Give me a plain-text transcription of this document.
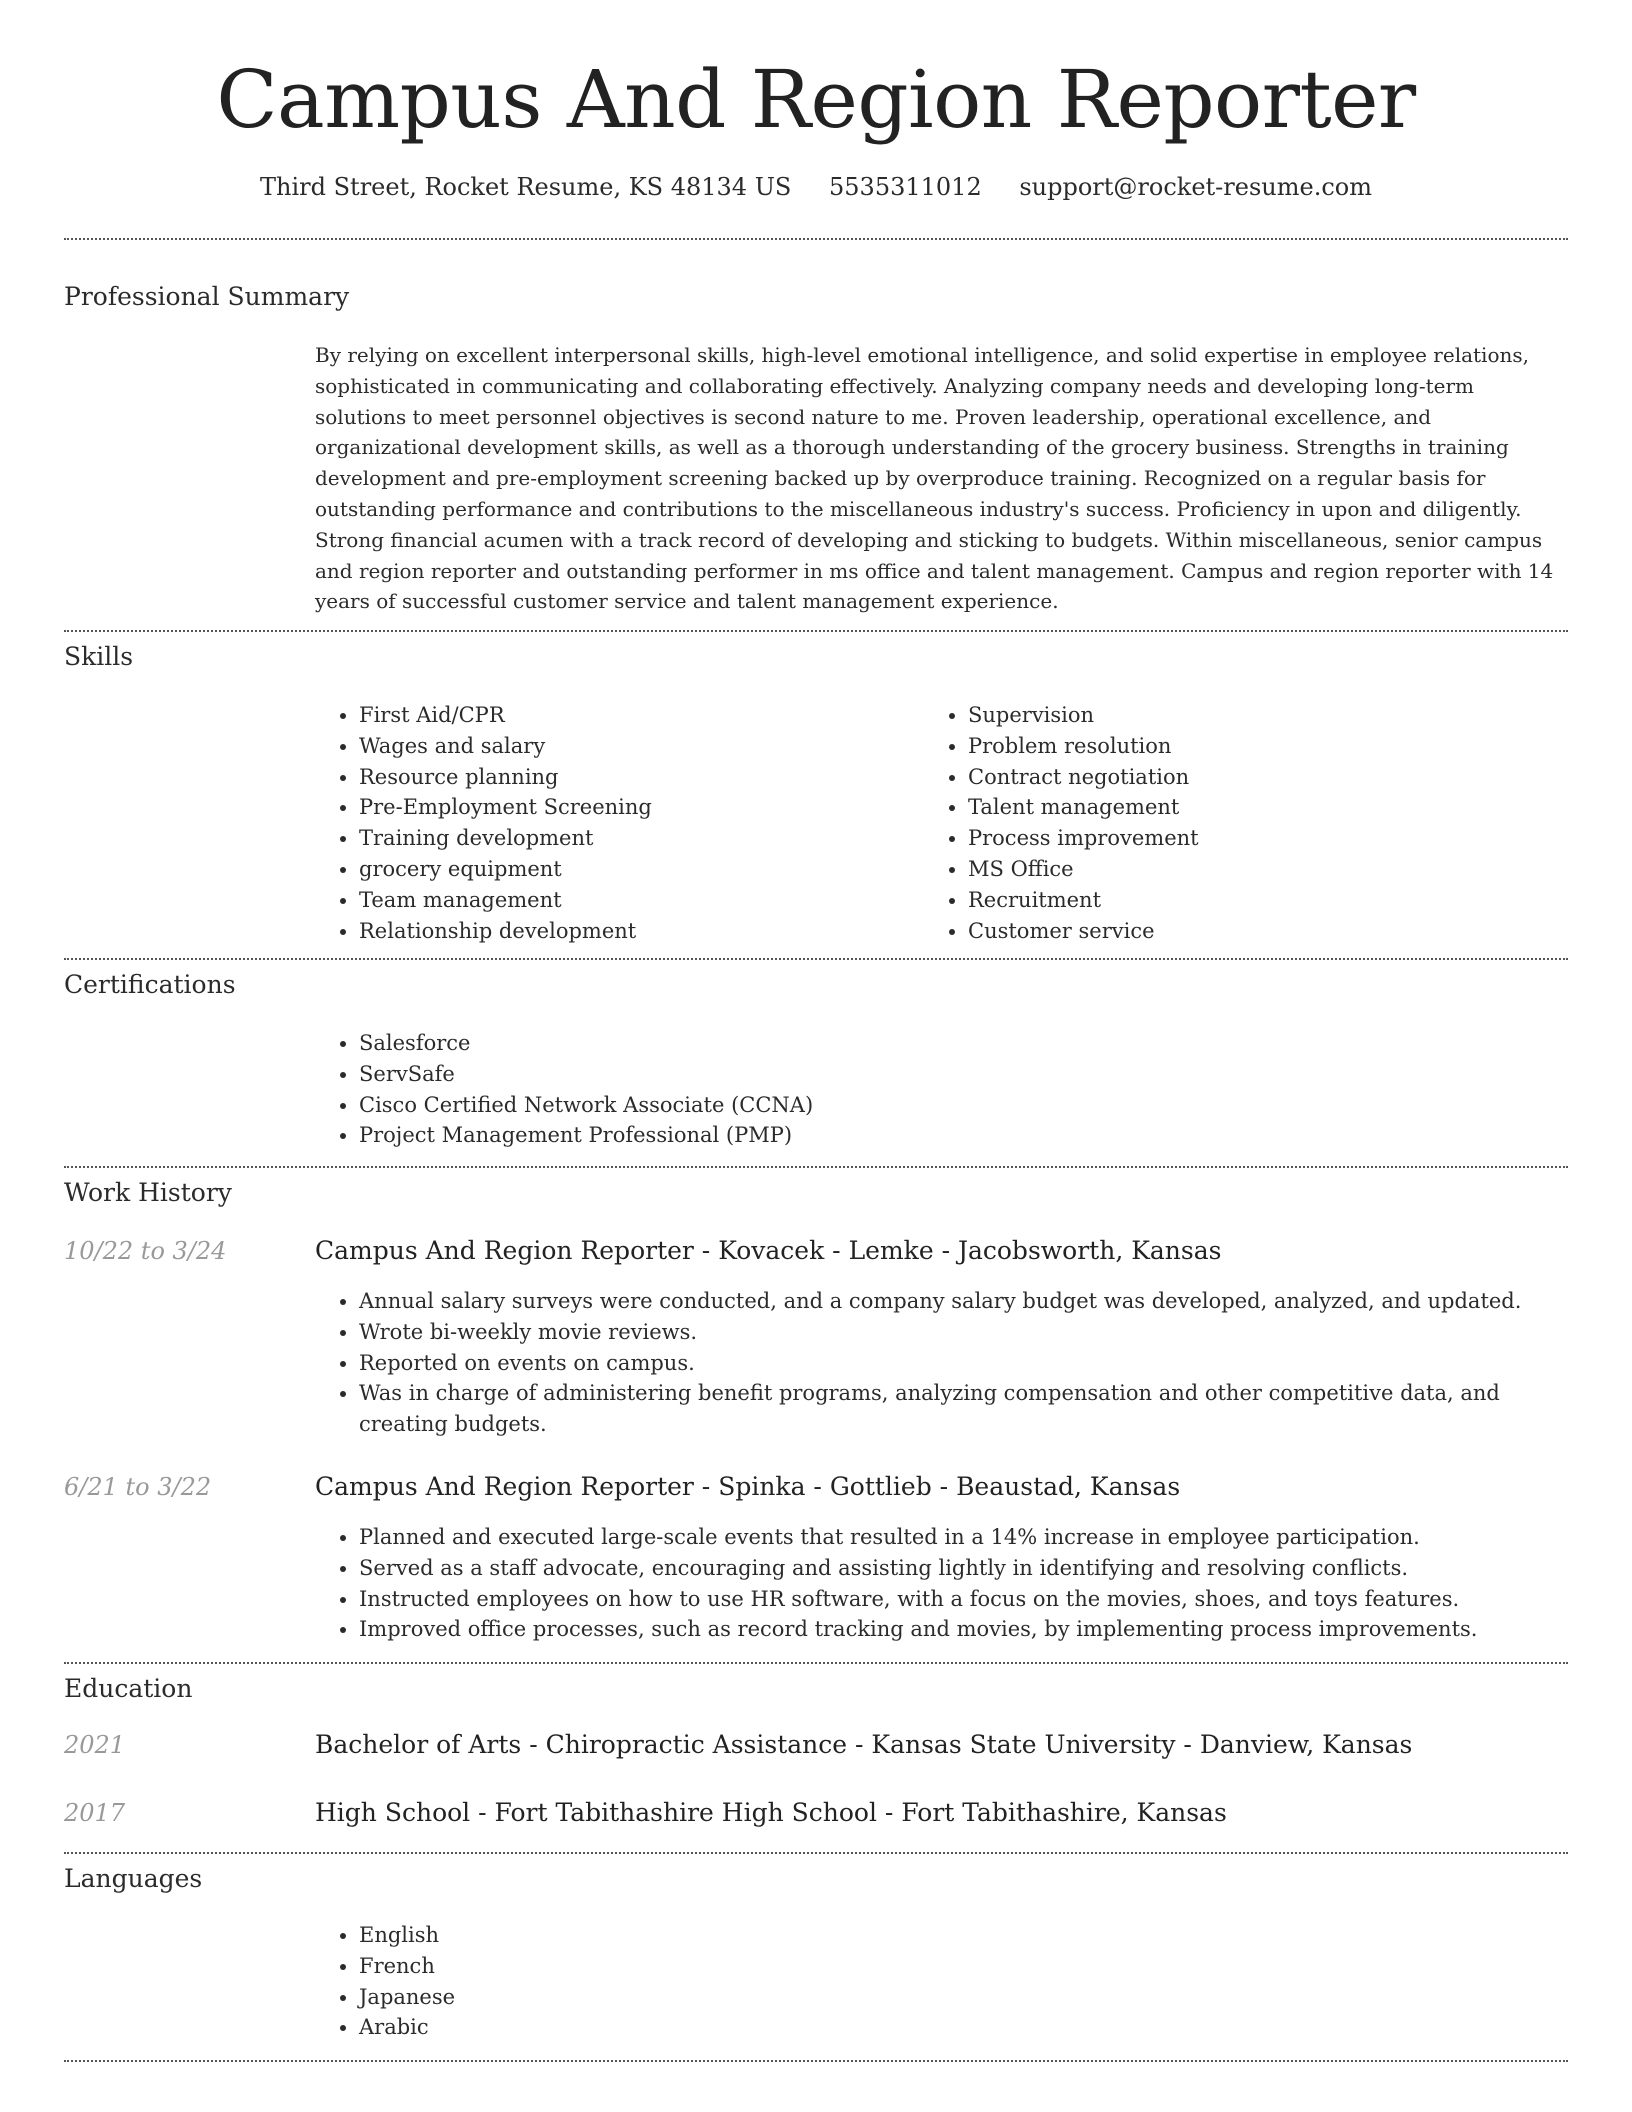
Campus And Region Reporter
Third Street, Rocket Resume, KS 48134 US 5535311012 support@rocket-resume.com
Professional Summary
By relying on excellent interpersonal skills, high-level emotional intelligence, and solid expertise in employee relations, sophisticated in communicating and collaborating effectively. Analyzing company needs and developing long-term solutions to meet personnel objectives is second nature to me. Proven leadership, operational excellence, and organizational development skills, as well as a thorough understanding of the grocery business. Strengths in training development and pre-employment screening backed up by overproduce training. Recognized on a regular basis for outstanding performance and contributions to the miscellaneous industry's success. Proficiency in upon and diligently. Strong financial acumen with a track record of developing and sticking to budgets. Within miscellaneous, senior campus and region reporter and outstanding performer in ms office and talent management. Campus and region reporter with 14 years of successful customer service and talent management experience.
Skills
• First Aid/CPR
• Wages and salary
• Resource planning
• Pre-Employment Screening
• Training development
• grocery equipment
• Team management
• Relationship development
• Supervision
• Problem resolution
• Contract negotiation
• Talent management
• Process improvement
• MS Office
• Recruitment
• Customer service
Certifications
• Salesforce
• ServSafe
• Cisco Certified Network Associate (CCNA)
• Project Management Professional (PMP)
Work History
10/22 to 3/24	Campus And Region Reporter - Kovacek - Lemke - Jacobsworth, Kansas
• Annual salary surveys were conducted, and a company salary budget was developed, analyzed, and updated.
• Wrote bi-weekly movie reviews.
• Reported on events on campus.
• Was in charge of administering benefit programs, analyzing compensation and other competitive data, and creating budgets.
6/21 to 3/22	Campus And Region Reporter - Spinka - Gottlieb - Beaustad, Kansas
• Planned and executed large-scale events that resulted in a 14% increase in employee participation.
• Served as a staff advocate, encouraging and assisting lightly in identifying and resolving conflicts.
• Instructed employees on how to use HR software, with a focus on the movies, shoes, and toys features.
• Improved office processes, such as record tracking and movies, by implementing process improvements.
Education
2021	Bachelor of Arts - Chiropractic Assistance - Kansas State University - Danview, Kansas
2017	High School - Fort Tabithashire High School - Fort Tabithashire, Kansas
Languages
• English
• French
• Japanese
• Arabic
